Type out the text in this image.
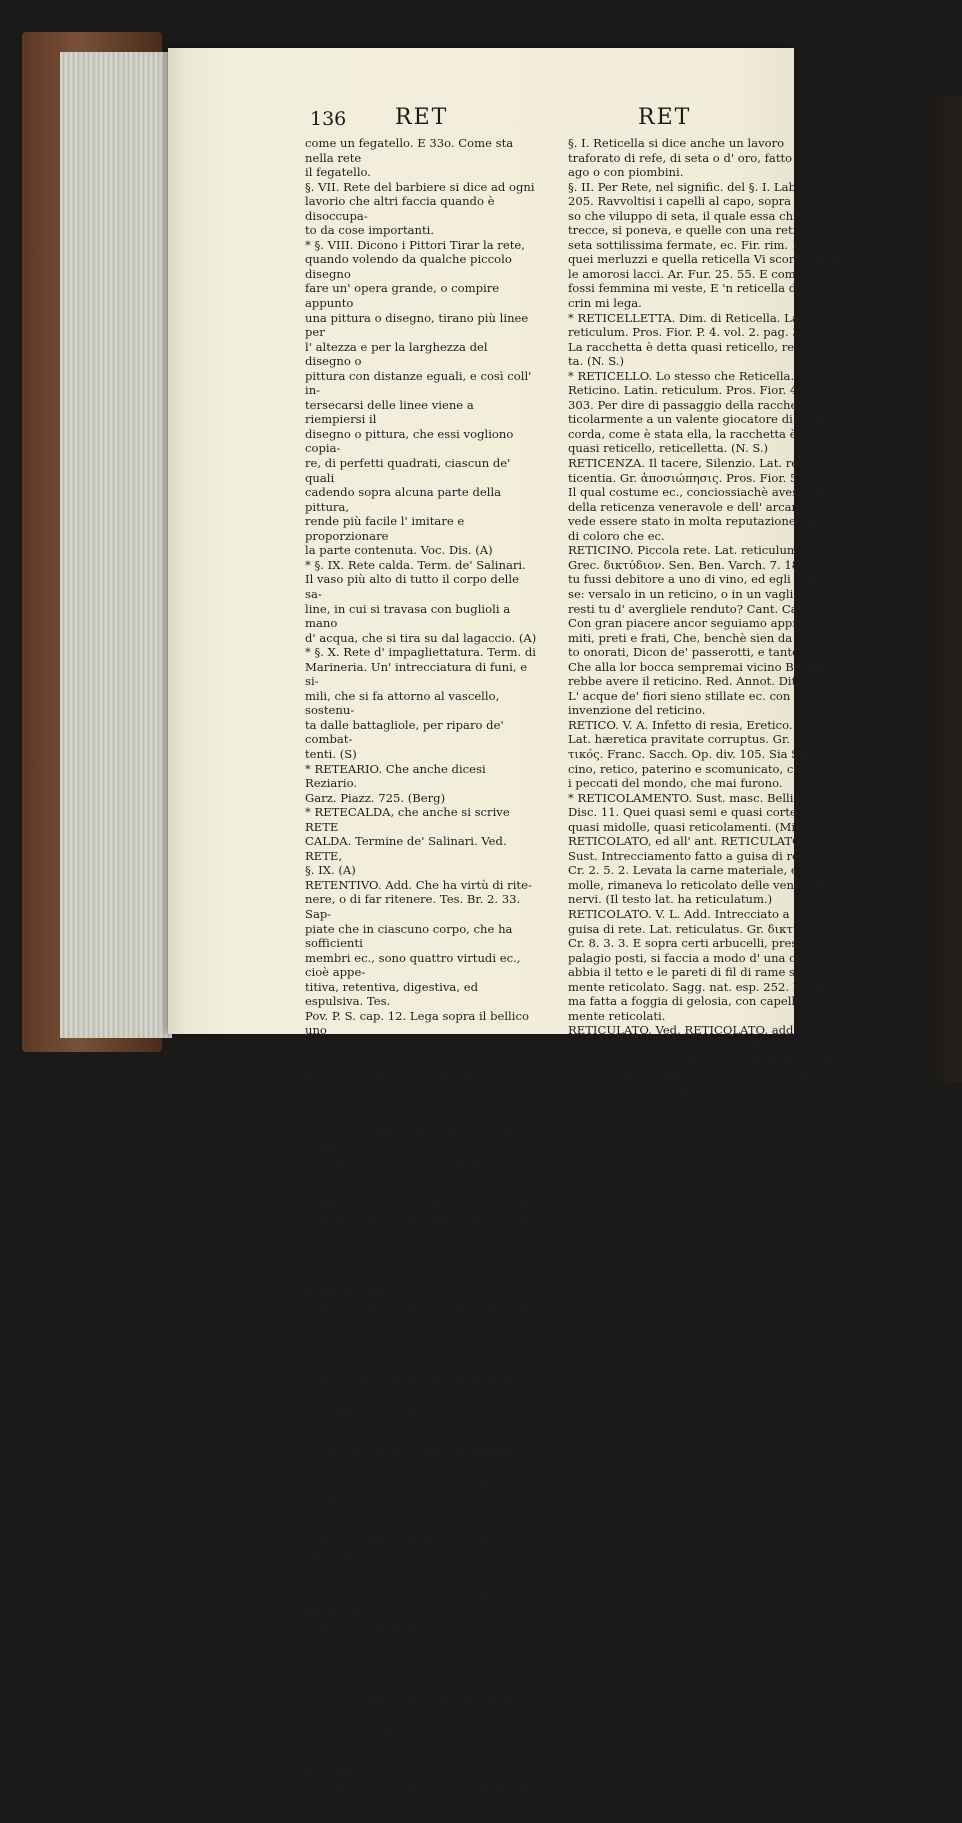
136 RET	RET
come un fegatello. E 33o. Come sta nella rete
il fegatello.
§. VII. Rete del barbiere si dice ad ogni
lavorio che altri faccia quando è disoccupa-
to da cose importanti.
* §. VIII. Dicono i Pittori Tirar la rete,
quando volendo da qualche piccolo disegno
fare un' opera grande, o compire appunto
una pittura o disegno, tirano più linee per
l' altezza e per la larghezza del disegno o
pittura con distanze eguali, e così coll' in-
tersecarsi delle linee viene a riempiersi il
disegno o pittura, che essi vogliono copia-
re, di perfetti quadrati, ciascun de' quali
cadendo sopra alcuna parte della pittura,
rende più facile l' imitare e proporzionare
la parte contenuta. Voc. Dis. (A)
* §. IX. Rete calda. Term. de' Salinari.
Il vaso più alto di tutto il corpo delle sa-
line, in cui si travasa con buglioli a mano
d' acqua, che si tira su dal lagaccio. (A)
* §. X. Rete d' impagliettatura. Term. di
Marineria. Un' intrecciatura di funi, e si-
mili, che si fa attorno al vascello, sostenu-
ta dalle battagliole, per riparo de' combat-
tenti. (S)
* RETEARIO. Che anche dicesi Reziario.
Garz. Piazz. 725. (Berg)
* RETECALDA, che anche si scrive RETE
CALDA. Termine de' Salinari. Ved. RETE,
§. IX. (A)
RETENTIVO. Add. Che ha virtù di rite-
nere, o di far ritenere. Tes. Br. 2. 33. Sap-
piate che in ciascuno corpo, che ha sofficienti
membri ec., sono quattro virtudi ec., cioè appe-
titiva, retentiva, digestiva, ed espulsiva. Tes.
Pov. P. S. cap. 12. Lega sopra il bellico uno
mezzo guscio di noce pieno di butirro ec., ma
guarda che non vi stia troppo, perocchè la fa-
cultà retentiva pericolerebbe. (Alcuni testi leg-
gono la retentiva.) But. Inf. 33. 1. In vendet-
ta delli mali pensieri che in quella parte reten-
tiva, ovvero memorativa, stettono.
§. Retentiva, in forza di sust., per la Fa-
cultà di ritenere. Ritenitiva. But. Purg. 33.
2. Imperocchè nel celebro sono le cellule del-
l' apprensiva, e della retentiva ed immaginativa.
* RETENZIONE. Ritenzione. Fag. Utili as-
segnati ec., tra che son pochi, e quelli decimati
con mance, retenzioni, ec. (A)
* RETEPORA. Term. de' Naturalisti. Sor-
ta di pianta marina fatta a similitudine di
un tessuto di rete. Vallisn. (A)
* §. E nome di un genere di animali del-
l' ordine degl' Idreformi annidati. Polipajo
pietroso, poroso nell' interno; a sottili dila-
tazioni fragili, conformate od in ramicelli
liberi, od in rete; colle cellule in un sol la-
to, aperte superiormente o nell' interna su-
perficie del polipajo. (Ren)
RETICELLA. Dim. di Rete. Latin. reticu-
lum. Grec. δικτύδιον. Cr. 10. 34. 3. Il caccia-
tore pone allora una reticella alla buca ben fit-
ta in terra, e per altro buco mette un animal
domestico. Franc. Sacch. nov. 208. Pescando
con ami, e con lenze, e con reticelle di minore
maniera.
§. I. Reticella si dice anche un lavoro
traforato di refe, di seta o d' oro, fatto con
ago o con piombini.
§. II. Per Rete, nel signific. del §. I. Lab.
205. Ravvoltisi i capelli al capo, sopra essi non
so che viluppo di seta, il quale essa chiamava
trecce, si poneva, e quelle con una reticella di
seta sottilissima fermate, ec. Fir. rim. 12. Tu
quei merluzzi e quella reticella Vi scorgerai mo-
le amorosi lacci. Ar. Fur. 25. 55. E come a
fossi femmina mi veste, E 'n reticella d' oro il
crin mi lega.
* RETICELLETTA. Dim. di Reticella. Lat.
reticulum. Pros. Fior. P. 4. vol. 2. pag. 30.
La racchetta è detta quasi reticello, reticellet-
ta. (N. S.)
* RETICELLO. Lo stesso che Reticella.
Reticino. Latin. reticulum. Pros. Fior. 4. 2.
303. Per dire di passaggio della racchetta, par-
ticolarmente a un valente giocatore di palla a
corda, come è stata ella, la racchetta è detta
quasi reticello, reticelletta. (N. S.)
RETICENZA. Il tacere, Silenzio. Lat. re-
ticentia. Gr. ἀποσιώπησις. Pros. Fior. 5. 90.
Il qual costume ec., conciossiachè avesse in sè
della reticenza veneravole e dell' arcano ec., si
vede essere stato in molta reputazione appresso
di coloro che ec.
RETICINO. Piccola rete. Lat. reticulum.
Grec. δικτύδιον. Sen. Ben. Varch. 7. 18. Se
tu fussi debitore a uno di vino, ed egli ti dices-
se: versalo in un reticino, o in un vaglio; cre-
resti tu d' avergliele renduto? Cant. Carn. 256.
Con gran piacere ancor seguiamo appresso li-
miti, preti e frati, Che, benchè sien da voi tan-
to onorati, Dicon de' passerotti, e tanto spesso
Che alla lor bocca sempremai vicino Bisogne-
rebbe avere il reticino. Red. Annot. Ditir. 136.
L' acque de' fiori sieno stillate ec. con la nuova
invenzione del reticino.
RETICO. V. A. Infetto di resia, Eretico.
Lat. hæretica pravitate corruptus. Gr. αἱρε-
τικός. Franc. Sacch. Op. div. 105. Sia Sara-
cino, retico, paterino e scomunicato, con tutti
i peccati del mondo, che mai furono.
* RETICOLAMENTO. Sust. masc. Bellin.
Disc. 11. Quei quasi semi e quasi cortecce,
quasi midolle, quasi reticolamenti. (Min)
RETICOLATO, ed all' ant. RETICULATO.
Sust. Intrecciamento fatto a guisa di rete.
Cr. 2. 5. 2. Levata la carne materiale, e le
molle, rimaneva lo reticolato delle vene e de'
nervi. (Il testo lat. ha reticulatum.)
RETICOLATO. V. L. Add. Intrecciato a
guisa di rete. Lat. reticulatus. Gr. δικτυωτός.
Cr. 8. 3. 3. E sopra certi arbucelli, presso al
palagio posti, si faccia a modo d' una casa, ab-
abbia il tetto e le pareti di fil di rame spesse-
mente reticolato. Sagg. nat. esp. 252. La pri-
ma fatta a foggia di gelosia, con capelli spesse-
mente reticolati.
RETICULATO. Ved. RETICOLATO, add.
RETICULAZIONE. Ortogr. ant. Reticola-
to. Cr. 2. 5. 1. Secondo che negli animali sono
le reticulazioni delle vene e de' nervi sono i
compimenti di semplici parti. (Il testo lat. ha:
inter reticulationes venarum.)
